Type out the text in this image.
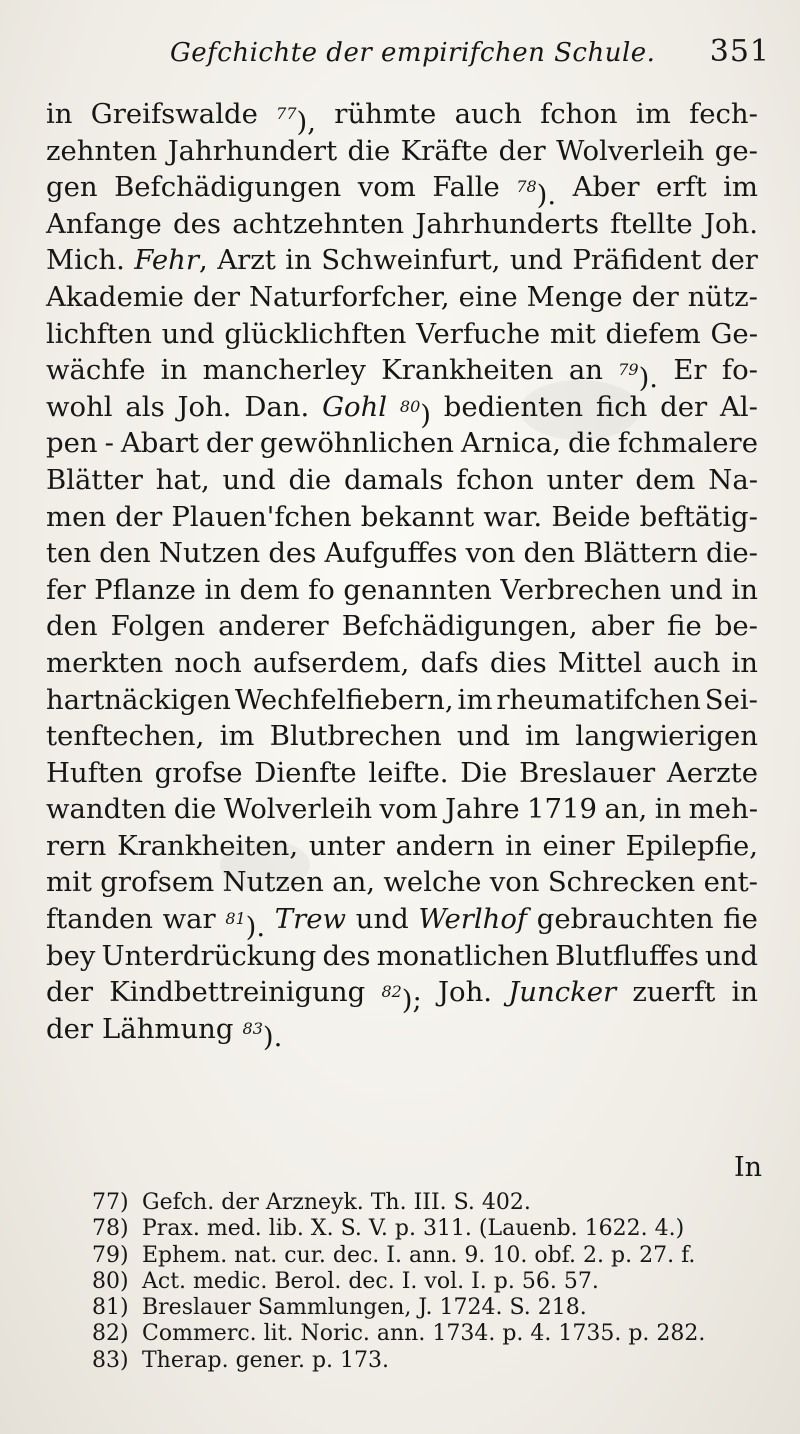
Gefchichte der empirifchen Schule. 351
in Greifswalde 77), rühmte auch fchon im fech-
zehnten Jahrhundert die Kräfte der Wolverleih ge-
gen Befchädigungen vom Falle 78). Aber erft im
Anfange des achtzehnten Jahrhunderts ftellte Joh.
Mich. Fehr, Arzt in Schweinfurt, und Präfident der
Akademie der Naturforfcher, eine Menge der nütz-
lichften und glücklichften Verfuche mit diefem Ge-
wächfe in mancherley Krankheiten an 79). Er fo-
wohl als Joh. Dan. Gohl 80) bedienten fich der Al-
pen - Abart der gewöhnlichen Arnica, die fchmalere
Blätter hat, und die damals fchon unter dem Na-
men der Plauen'fchen bekannt war. Beide beftätig-
ten den Nutzen des Aufguffes von den Blättern die-
fer Pflanze in dem fo genannten Verbrechen und in
den Folgen anderer Befchädigungen, aber fie be-
merkten noch aufserdem, dafs dies Mittel auch in
hartnäckigen Wechfelfiebern, im rheumatifchen Sei-
tenftechen, im Blutbrechen und im langwierigen
Huften grofse Dienfte leifte. Die Breslauer Aerzte
wandten die Wolverleih vom Jahre 1719 an, in meh-
rern Krankheiten, unter andern in einer Epilepfie,
mit grofsem Nutzen an, welche von Schrecken ent-
ftanden war 81). Trew und Werlhof gebrauchten fie
bey Unterdrückung des monatlichen Blutfluffes und
der Kindbettreinigung 82); Joh. Juncker zuerft in
der Lähmung 83).
In
77) Gefch. der Arzneyk. Th. III. S. 402.
78) Prax. med. lib. X. S. V. p. 311. (Lauenb. 1622. 4.)
79) Ephem. nat. cur. dec. I. ann. 9. 10. obf. 2. p. 27. f.
80) Act. medic. Berol. dec. I. vol. I. p. 56. 57.
81) Breslauer Sammlungen, J. 1724. S. 218.
82) Commerc. lit. Noric. ann. 1734. p. 4. 1735. p. 282.
83) Therap. gener. p. 173.
